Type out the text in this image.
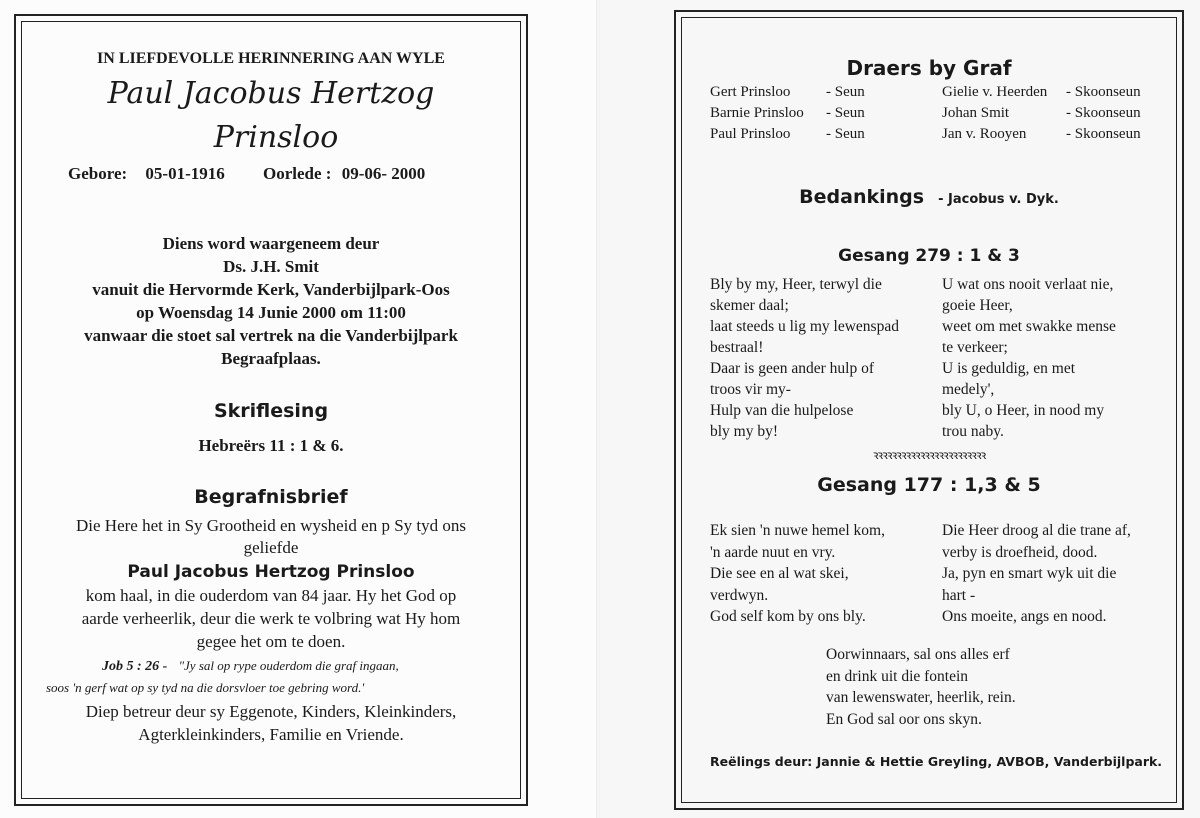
IN LIEFDEVOLLE HERINNERING AAN WYLE
Paul Jacobus Hertzog
Prinsloo
Gebore: 05-01-1916 Oorlede : 09-06- 2000
Diens word waargeneem deur
Ds. J.H. Smit
vanuit die Hervormde Kerk, Vanderbijlpark-Oos
op Woensdag 14 Junie 2000 om 11:00
vanwaar die stoet sal vertrek na die Vanderbijlpark
Begraafplaas.
Skriflesing
Hebreërs 11 : 1 & 6.
Begrafnisbrief
Die Here het in Sy Grootheid en wysheid en p Sy tyd ons
geliefde
Paul Jacobus Hertzog Prinsloo
kom haal, in die ouderdom van 84 jaar. Hy het God op
aarde verheerlik, deur die werk te volbring wat Hy hom
gegee het om te doen.
Job 5 : 26 - "Jy sal op rype ouderdom die graf ingaan,
soos 'n gerf wat op sy tyd na die dorsvloer toe gebring word.'
Diep betreur deur sy Eggenote, Kinders, Kleinkinders,
Agterkleinkinders, Familie en Vriende.
Draers by Graf
Gert Prinsloo - Seun
Barnie Prinsloo - Seun
Paul Prinsloo - Seun
Gielie v. Heerden - Skoonseun
Johan Smit	- Skoonseun
Jan v. Rooyen	- Skoonseun
Bedankings - Jacobus v. Dyk.
Gesang 279 : 1 & 3
Bly by my, Heer, terwyl die
skemer daal;
laat steeds u lig my lewenspad
bestraal!
Daar is geen ander hulp of
troos vir my-
Hulp van die hulpelose
bly my by!
U wat ons nooit verlaat nie,
goeie Heer,
weet om met swakke mense
te verkeer;
U is geduldig, en met
medely',
bly U, o Heer, in nood my
trou naby.
ꝛꝛꝛꝛꝛꝛꝛꝛꝛꝛꝛꝛꝛꝛꝛꝛꝛꝛꝛꝛꝛꝛꝛꝛ
Gesang 177 : 1,3 & 5
Ek sien 'n nuwe hemel kom,
'n aarde nuut en vry.
Die see en al wat skei,
verdwyn.
God self kom by ons bly.
Die Heer droog al die trane af,
verby is droefheid, dood.
Ja, pyn en smart wyk uit die
hart -
Ons moeite, angs en nood.
Oorwinnaars, sal ons alles erf
en drink uit die fontein
van lewenswater, heerlik, rein.
En God sal oor ons skyn.
Reëlings deur: Jannie & Hettie Greyling, AVBOB, Vanderbijlpark.
